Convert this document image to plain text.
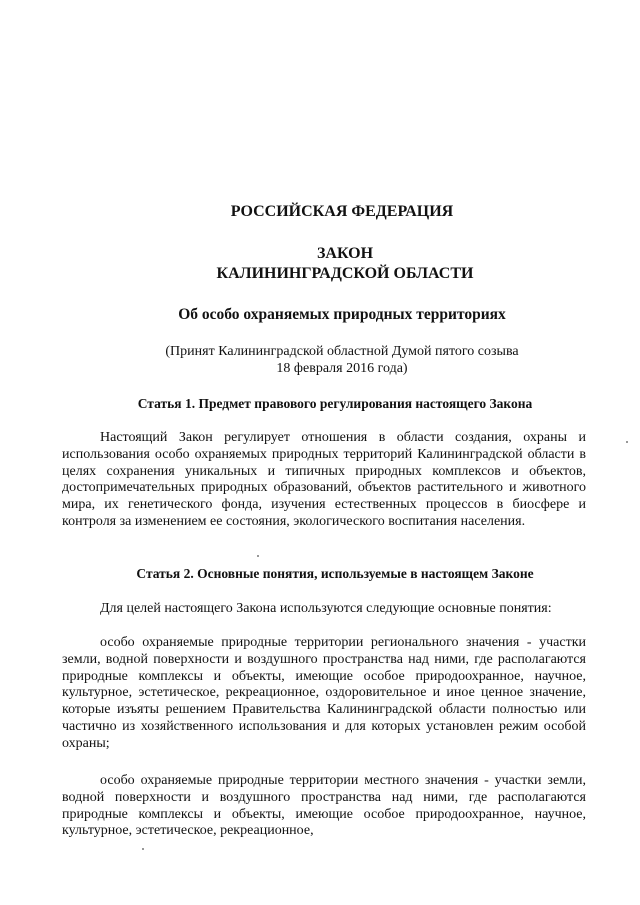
РОССИЙСКАЯ ФЕДЕРАЦИЯ
ЗАКОН
КАЛИНИНГРАДСКОЙ ОБЛАСТИ
Об особо охраняемых природных территориях
(Принят Калининградской областной Думой пятого созыва
18 февраля 2016 года)
Статья 1. Предмет правового регулирования настоящего Закона
Настоящий Закон регулирует отношения в области создания, охраны и использования особо охраняемых природных территорий Калининградской области в целях сохранения уникальных и типичных природных комплексов и объектов, достопримечательных природных образований, объектов растительного и животного мира, их генетического фонда, изучения естественных процессов в биосфере и контроля за изменением ее состояния, экологического воспитания населения.
Статья 2. Основные понятия, используемые в настоящем Законе
Для целей настоящего Закона используются следующие основные понятия:
особо охраняемые природные территории регионального значения - участки земли, водной поверхности и воздушного пространства над ними, где располагаются природные комплексы и объекты, имеющие особое природоохранное, научное, культурное, эстетическое, рекреационное, оздоровительное и иное ценное значение, которые изъяты решением Правительства Калининградской области полностью или частично из хозяйственного использования и для которых установлен режим особой охраны;
особо охраняемые природные территории местного значения - участки земли, водной поверхности и воздушного пространства над ними, где располагаются природные комплексы и объекты, имеющие особое природоохранное, научное, культурное, эстетическое, рекреационное,
